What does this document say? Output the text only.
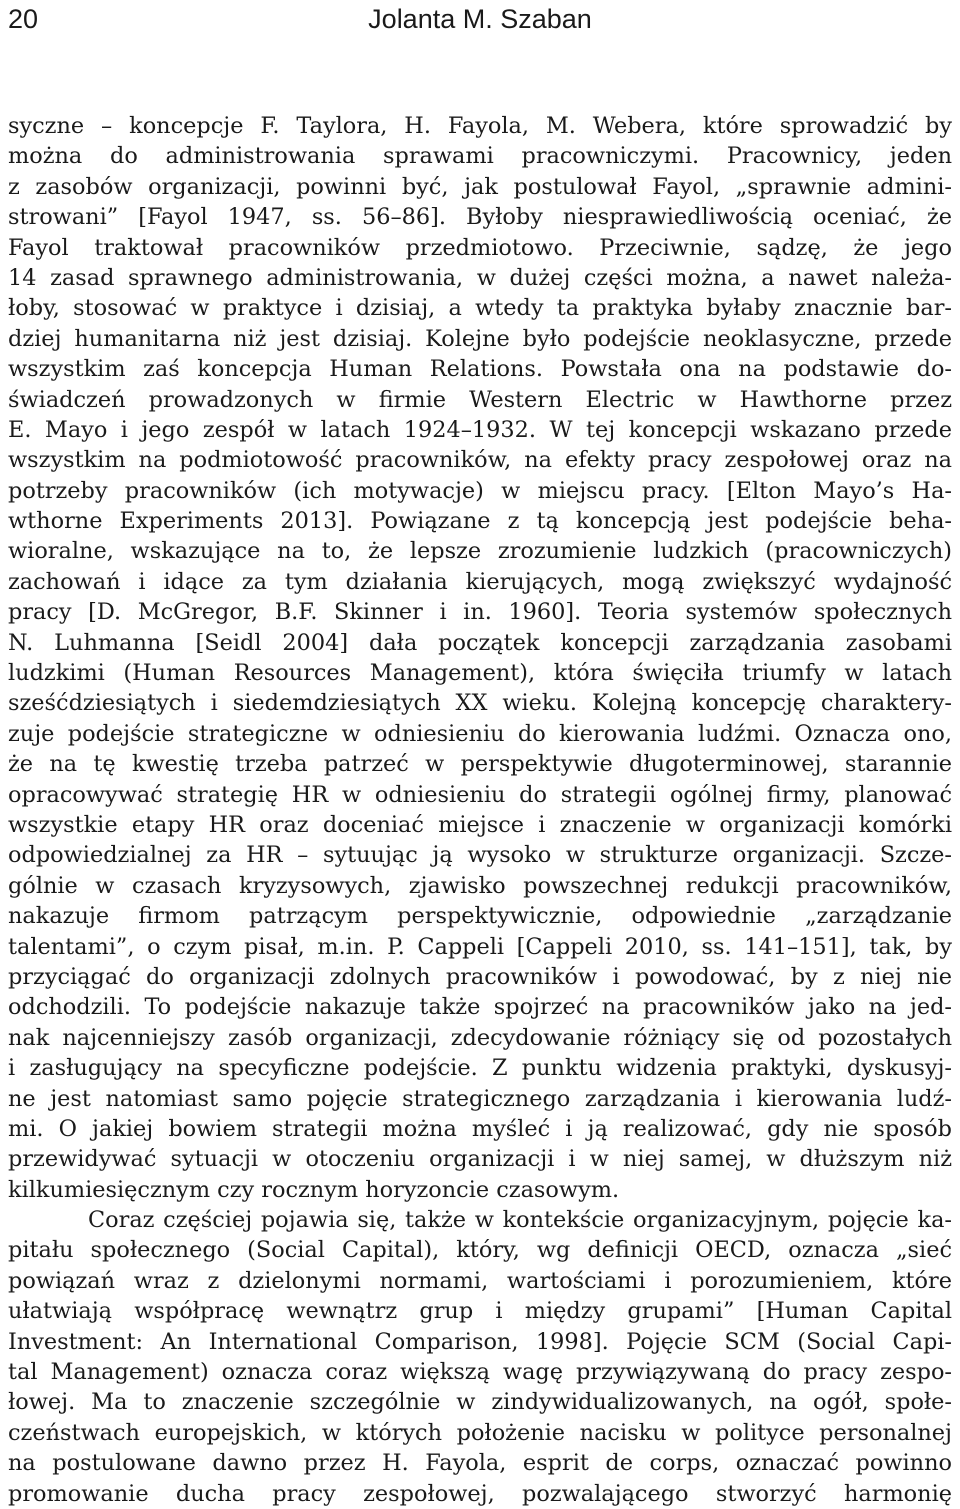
20	Jolanta M. Szaban
syczne – koncepcje F. Taylora, H. Fayola, M. Webera, które sprowadzić by
można do administrowania sprawami pracowniczymi. Pracownicy, jeden
z zasobów organizacji, powinni być, jak postulował Fayol, „sprawnie admini-
strowani” [Fayol 1947, ss. 56–86]. Byłoby niesprawiedliwością oceniać, że
Fayol traktował pracowników przedmiotowo. Przeciwnie, sądzę, że jego
14 zasad sprawnego administrowania, w dużej części można, a nawet należa-
łoby, stosować w praktyce i dzisiaj, a wtedy ta praktyka byłaby znacznie bar-
dziej humanitarna niż jest dzisiaj. Kolejne było podejście neoklasyczne, przede
wszystkim zaś koncepcja Human Relations. Powstała ona na podstawie do-
świadczeń prowadzonych w firmie Western Electric w Hawthorne przez
E. Mayo i jego zespół w latach 1924–1932. W tej koncepcji wskazano przede
wszystkim na podmiotowość pracowników, na efekty pracy zespołowej oraz na
potrzeby pracowników (ich motywacje) w miejscu pracy. [Elton Mayo’s Ha-
wthorne Experiments 2013]. Powiązane z tą koncepcją jest podejście beha-
wioralne, wskazujące na to, że lepsze zrozumienie ludzkich (pracowniczych)
zachowań i idące za tym działania kierujących, mogą zwiększyć wydajność
pracy [D. McGregor, B.F. Skinner i in. 1960]. Teoria systemów społecznych
N. Luhmanna [Seidl 2004] dała początek koncepcji zarządzania zasobami
ludzkimi (Human Resources Management), która święciła triumfy w latach
sześćdziesiątych i siedemdziesiątych XX wieku. Kolejną koncepcję charaktery-
zuje podejście strategiczne w odniesieniu do kierowania ludźmi. Oznacza ono,
że na tę kwestię trzeba patrzeć w perspektywie długoterminowej, starannie
opracowywać strategię HR w odniesieniu do strategii ogólnej firmy, planować
wszystkie etapy HR oraz doceniać miejsce i znaczenie w organizacji komórki
odpowiedzialnej za HR – sytuując ją wysoko w strukturze organizacji. Szcze-
gólnie w czasach kryzysowych, zjawisko powszechnej redukcji pracowników,
nakazuje firmom patrzącym perspektywicznie, odpowiednie „zarządzanie
talentami”, o czym pisał, m.in. P. Cappeli [Cappeli 2010, ss. 141–151], tak, by
przyciągać do organizacji zdolnych pracowników i powodować, by z niej nie
odchodzili. To podejście nakazuje także spojrzeć na pracowników jako na jed-
nak najcenniejszy zasób organizacji, zdecydowanie różniący się od pozostałych
i zasługujący na specyficzne podejście. Z punktu widzenia praktyki, dyskusyj-
ne jest natomiast samo pojęcie strategicznego zarządzania i kierowania ludź-
mi. O jakiej bowiem strategii można myśleć i ją realizować, gdy nie sposób
przewidywać sytuacji w otoczeniu organizacji i w niej samej, w dłuższym niż
kilkumiesięcznym czy rocznym horyzoncie czasowym.
Coraz częściej pojawia się, także w kontekście organizacyjnym, pojęcie ka-
pitału społecznego (Social Capital), który, wg definicji OECD, oznacza „sieć
powiązań wraz z dzielonymi normami, wartościami i porozumieniem, które
ułatwiają współpracę wewnątrz grup i między grupami” [Human Capital
Investment: An International Comparison, 1998]. Pojęcie SCM (Social Capi-
tal Management) oznacza coraz większą wagę przywiązywaną do pracy zespo-
łowej. Ma to znaczenie szczególnie w zindywidualizowanych, na ogół, społe-
czeństwach europejskich, w których położenie nacisku w polityce personalnej
na postulowane dawno przez H. Fayola, esprit de corps, oznaczać powinno
promowanie ducha pracy zespołowej, pozwalającego stworzyć harmonię
